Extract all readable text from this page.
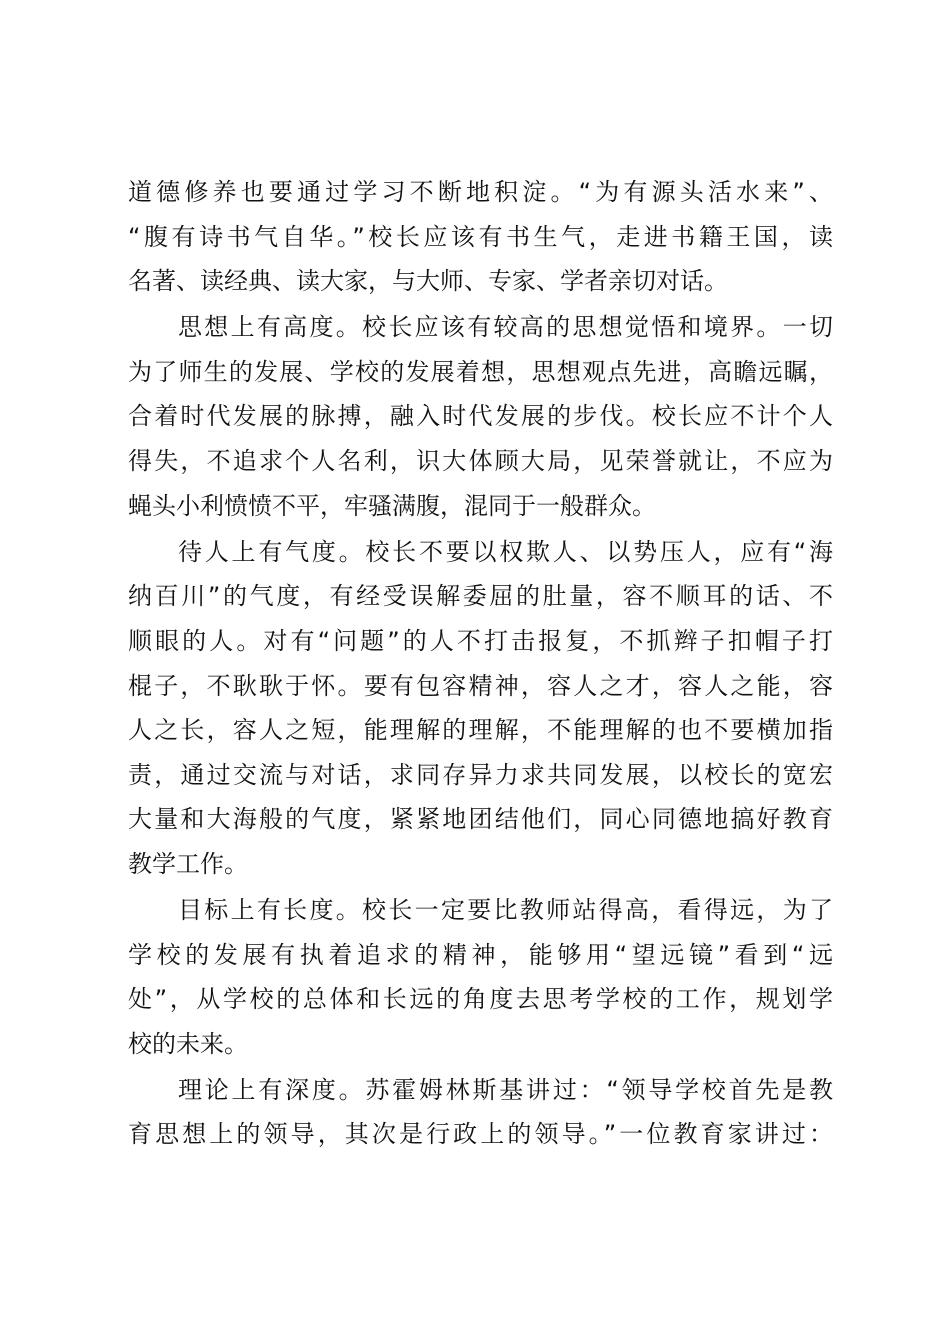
道德修养也要通过学习不断地积淀。“为有源头活水来”、
“腹有诗书气自华。”校长应该有书生气，走进书籍王国，读
名著、读经典、读大家，与大师、专家、学者亲切对话。
思想上有高度。校长应该有较高的思想觉悟和境界。一切
为了师生的发展、学校的发展着想，思想观点先进，高瞻远瞩，
合着时代发展的脉搏，融入时代发展的步伐。校长应不计个人
得失，不追求个人名利，识大体顾大局，见荣誉就让，不应为
蝇头小利愤愤不平，牢骚满腹，混同于一般群众。
待人上有气度。校长不要以权欺人、以势压人，应有“海
纳百川”的气度，有经受误解委屈的肚量，容不顺耳的话、不
顺眼的人。对有“问题”的人不打击报复，不抓辫子扣帽子打
棍子，不耿耿于怀。要有包容精神，容人之才，容人之能，容
人之长，容人之短，能理解的理解，不能理解的也不要横加指
责，通过交流与对话，求同存异力求共同发展，以校长的宽宏
大量和大海般的气度，紧紧地团结他们，同心同德地搞好教育
教学工作。
目标上有长度。校长一定要比教师站得高，看得远，为了
学校的发展有执着追求的精神，能够用“望远镜”看到“远
处”，从学校的总体和长远的角度去思考学校的工作，规划学
校的未来。
理论上有深度。苏霍姆林斯基讲过：“领导学校首先是教
育思想上的领导，其次是行政上的领导。”一位教育家讲过：
